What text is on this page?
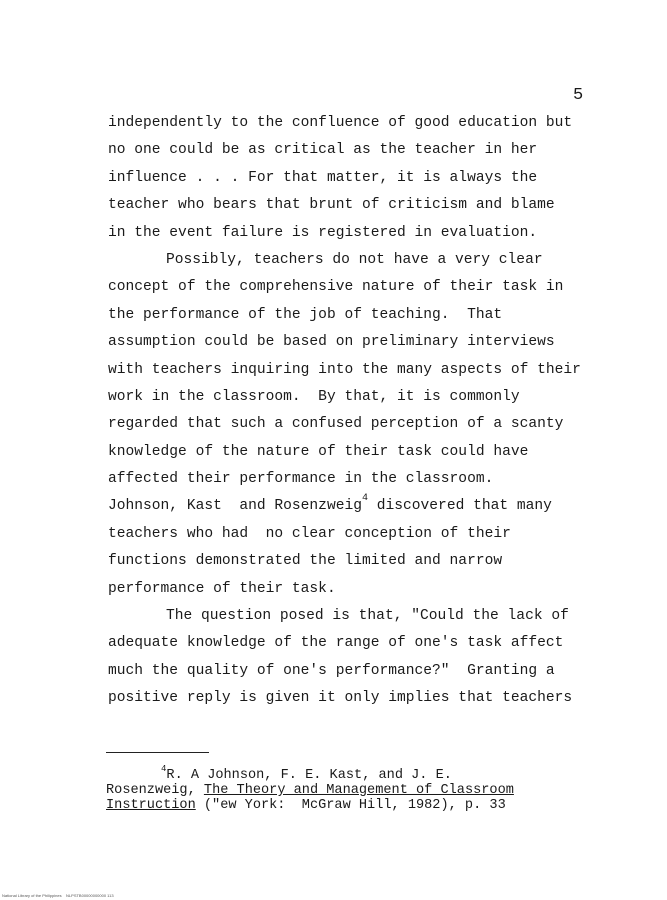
5
independently to the confluence of good education but
no one could be as critical as the teacher in her
influence . . . For that matter, it is always the
teacher who bears that brunt of criticism and blame
in the event failure is registered in evaluation.
Possibly, teachers do not have a very clear
concept of the comprehensive nature of their task in
the performance of the job of teaching.  That
assumption could be based on preliminary interviews
with teachers inquiring into the many aspects of their
work in the classroom.  By that, it is commonly
regarded that such a confused perception of a scanty
knowledge of the nature of their task could have
affected their performance in the classroom.
Johnson, Kast  and Rosenzweig$^4$ discovered that many
teachers who had  no clear conception of their
functions demonstrated the limited and narrow
performance of their task.
The question posed is that, "Could the lack of
adequate knowledge of the range of one's task affect
much the quality of one's performance?"  Granting a
positive reply is given it only implies that teachers
$^4$R. A Johnson, F. E. Kast, and J. E.
Rosenzweig, The Theory and Management of Classroom
Instruction ("ew York:  McGraw Hill, 1982), p. 33
National Library of the Philippines    NLPSTB00000000000 113
